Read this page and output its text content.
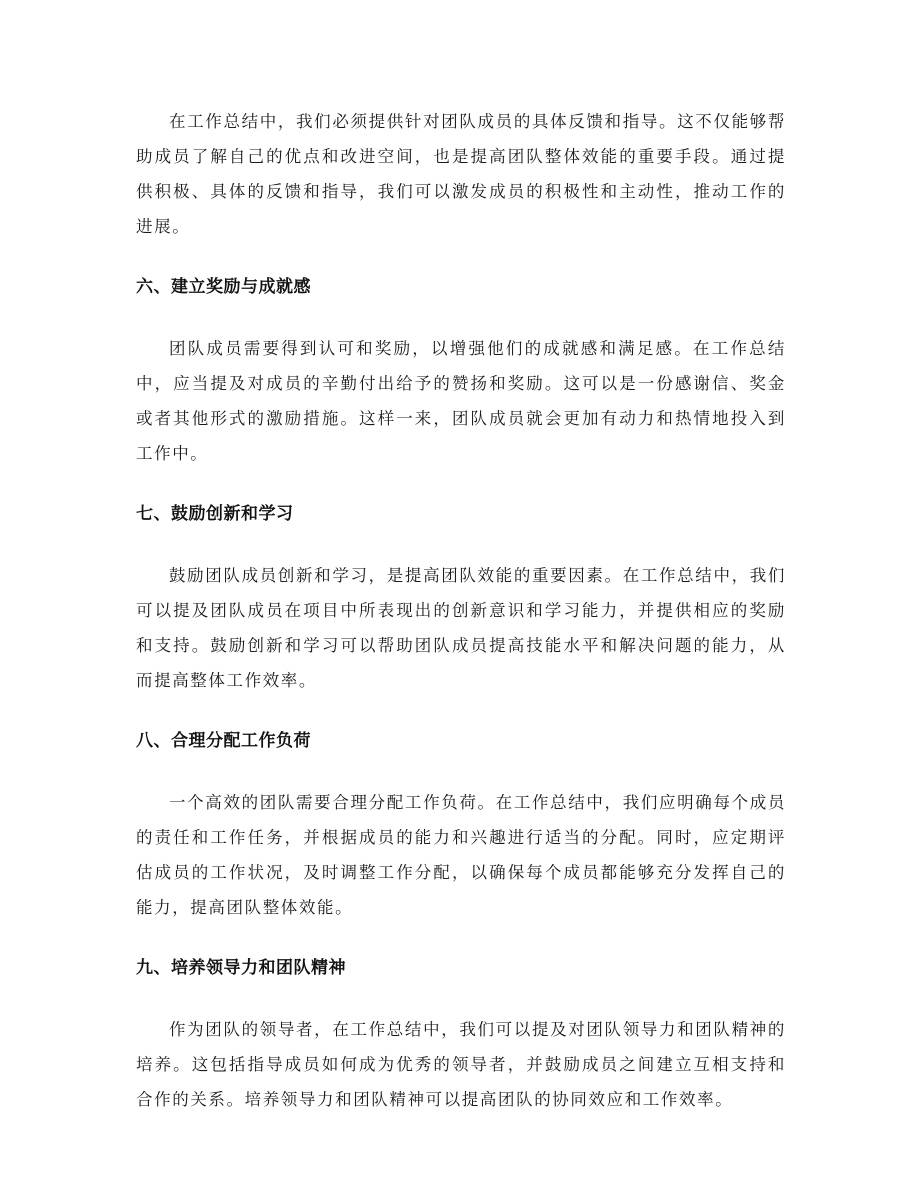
在工作总结中，我们必须提供针对团队成员的具体反馈和指导。这不仅能够帮助成员了解自己的优点和改进空间，也是提高团队整体效能的重要手段。通过提供积极、具体的反馈和指导，我们可以激发成员的积极性和主动性，推动工作的进展。

六、建立奖励与成就感

团队成员需要得到认可和奖励，以增强他们的成就感和满足感。在工作总结中，应当提及对成员的辛勤付出给予的赞扬和奖励。这可以是一份感谢信、奖金或者其他形式的激励措施。这样一来，团队成员就会更加有动力和热情地投入到工作中。

七、鼓励创新和学习

鼓励团队成员创新和学习，是提高团队效能的重要因素。在工作总结中，我们可以提及团队成员在项目中所表现出的创新意识和学习能力，并提供相应的奖励和支持。鼓励创新和学习可以帮助团队成员提高技能水平和解决问题的能力，从而提高整体工作效率。

八、合理分配工作负荷

一个高效的团队需要合理分配工作负荷。在工作总结中，我们应明确每个成员的责任和工作任务，并根据成员的能力和兴趣进行适当的分配。同时，应定期评估成员的工作状况，及时调整工作分配，以确保每个成员都能够充分发挥自己的能力，提高团队整体效能。

九、培养领导力和团队精神

作为团队的领导者，在工作总结中，我们可以提及对团队领导力和团队精神的培养。这包括指导成员如何成为优秀的领导者，并鼓励成员之间建立互相支持和合作的关系。培养领导力和团队精神可以提高团队的协同效应和工作效率。
